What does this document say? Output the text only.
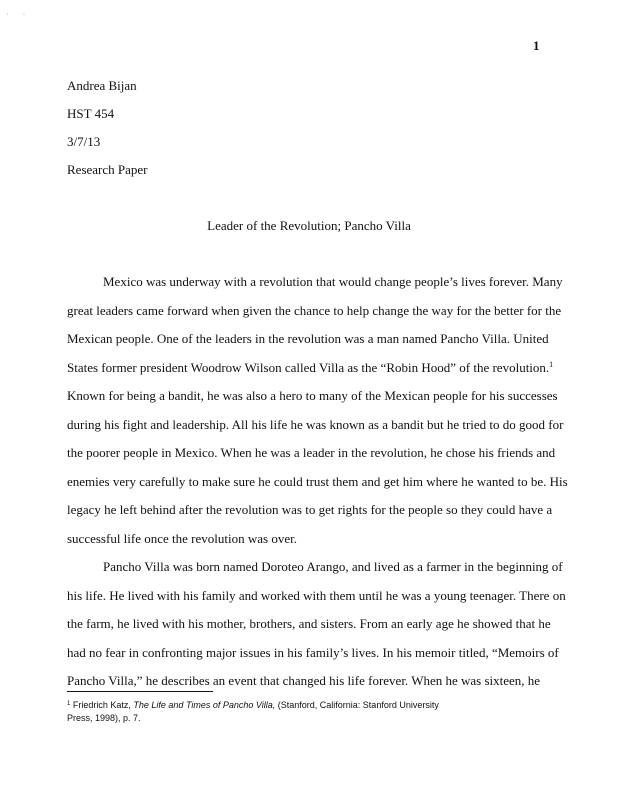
· ·
1
Andrea Bijan
HST 454
3/7/13
Research Paper
Leader of the Revolution; Pancho Villa
Mexico was underway with a revolution that would change people’s lives forever. Many
great leaders came forward when given the chance to help change the way for the better for the
Mexican people. One of the leaders in the revolution was a man named Pancho Villa. United
States former president Woodrow Wilson called Villa as the “Robin Hood” of the revolution.$^1$
Known for being a bandit, he was also a hero to many of the Mexican people for his successes
during his fight and leadership. All his life he was known as a bandit but he tried to do good for
the poorer people in Mexico. When he was a leader in the revolution, he chose his friends and
enemies very carefully to make sure he could trust them and get him where he wanted to be. His
legacy he left behind after the revolution was to get rights for the people so they could have a
successful life once the revolution was over.
Pancho Villa was born named Doroteo Arango, and lived as a farmer in the beginning of
his life. He lived with his family and worked with them until he was a young teenager. There on
the farm, he lived with his mother, brothers, and sisters. From an early age he showed that he
had no fear in confronting major issues in his family’s lives. In his memoir titled, “Memoirs of
Pancho Villa,” he describes an event that changed his life forever. When he was sixteen, he
$^1$ Friedrich Katz, The Life and Times of Pancho Villa, (Stanford, California: Stanford University
Press, 1998), p. 7.
